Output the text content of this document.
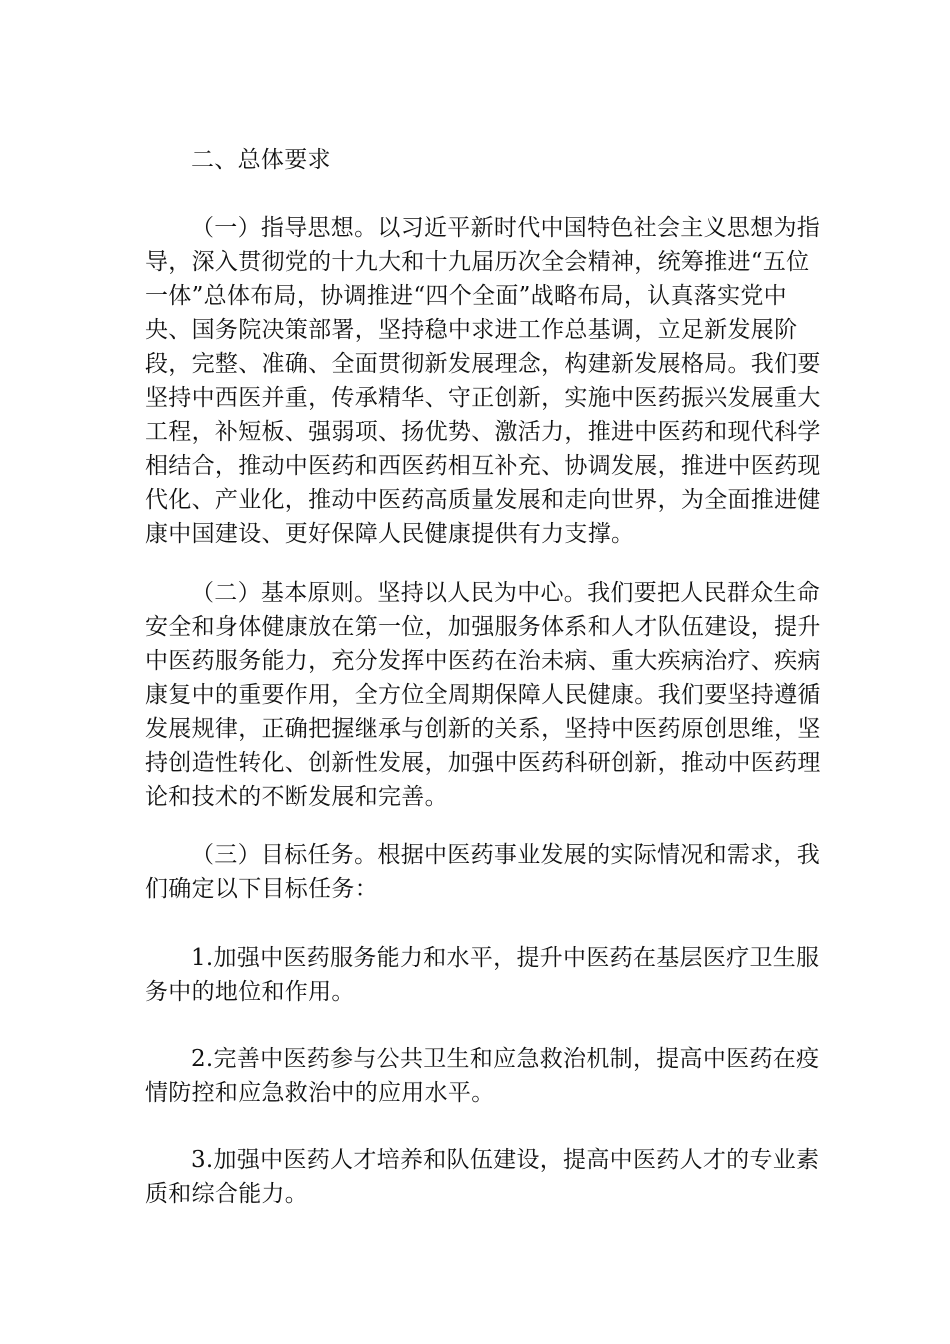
二、总体要求

（一）指导思想。以习近平新时代中国特色社会主义思想为指导，深入贯彻党的十九大和十九届历次全会精神，统筹推进“五位一体”总体布局，协调推进“四个全面”战略布局，认真落实党中央、国务院决策部署，坚持稳中求进工作总基调，立足新发展阶段，完整、准确、全面贯彻新发展理念，构建新发展格局。我们要坚持中西医并重，传承精华、守正创新，实施中医药振兴发展重大工程，补短板、强弱项、扬优势、激活力，推进中医药和现代科学相结合，推动中医药和西医药相互补充、协调发展，推进中医药现代化、产业化，推动中医药高质量发展和走向世界，为全面推进健康中国建设、更好保障人民健康提供有力支撑。

（二）基本原则。坚持以人民为中心。我们要把人民群众生命安全和身体健康放在第一位，加强服务体系和人才队伍建设，提升中医药服务能力，充分发挥中医药在治未病、重大疾病治疗、疾病康复中的重要作用，全方位全周期保障人民健康。我们要坚持遵循发展规律，正确把握继承与创新的关系，坚持中医药原创思维，坚持创造性转化、创新性发展，加强中医药科研创新，推动中医药理论和技术的不断发展和完善。

（三）目标任务。根据中医药事业发展的实际情况和需求，我们确定以下目标任务：

1.加强中医药服务能力和水平，提升中医药在基层医疗卫生服务中的地位和作用。

2.完善中医药参与公共卫生和应急救治机制，提高中医药在疫情防控和应急救治中的应用水平。

3.加强中医药人才培养和队伍建设，提高中医药人才的专业素质和综合能力。
